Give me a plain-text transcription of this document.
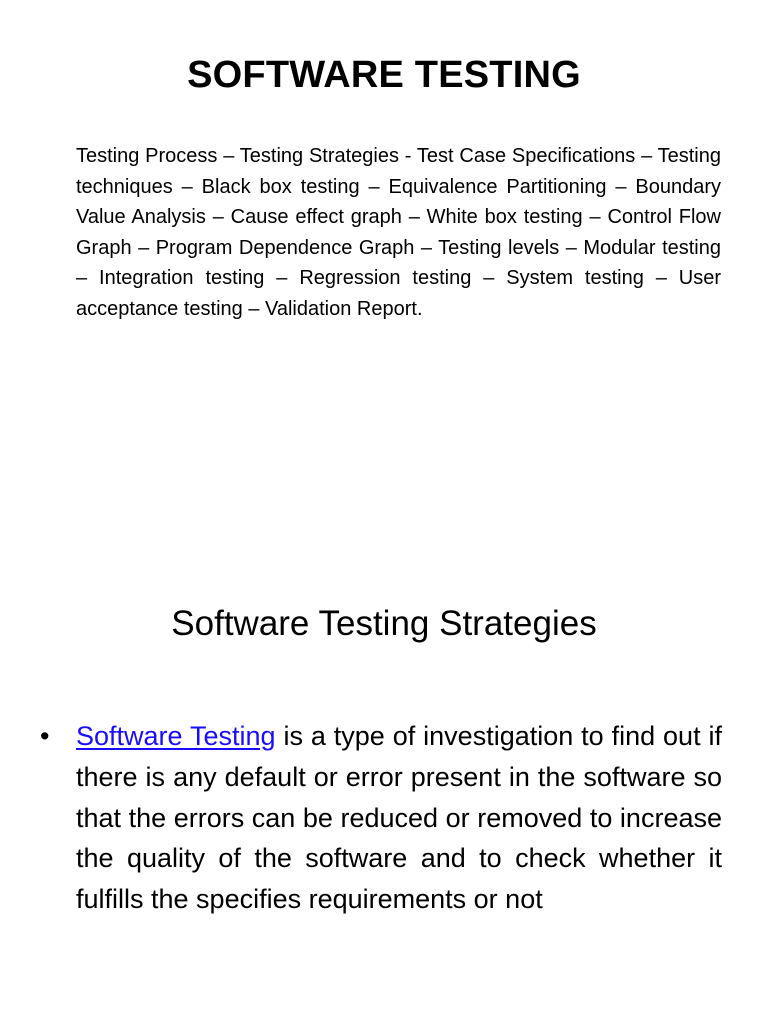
SOFTWARE TESTING

Testing Process – Testing Strategies - Test Case Specifications – Testing techniques – Black box testing – Equivalence Partitioning – Boundary Value Analysis – Cause effect graph – White box testing – Control Flow Graph – Program Dependence Graph – Testing levels – Modular testing – Integration testing – Regression testing – System testing – User acceptance testing – Validation Report.

Software Testing Strategies
• Software Testing is a type of investigation to find out if there is any default or error present in the software so that the errors can be reduced or removed to increase the quality of the software and to check whether it fulfills the specifies requirements or not
